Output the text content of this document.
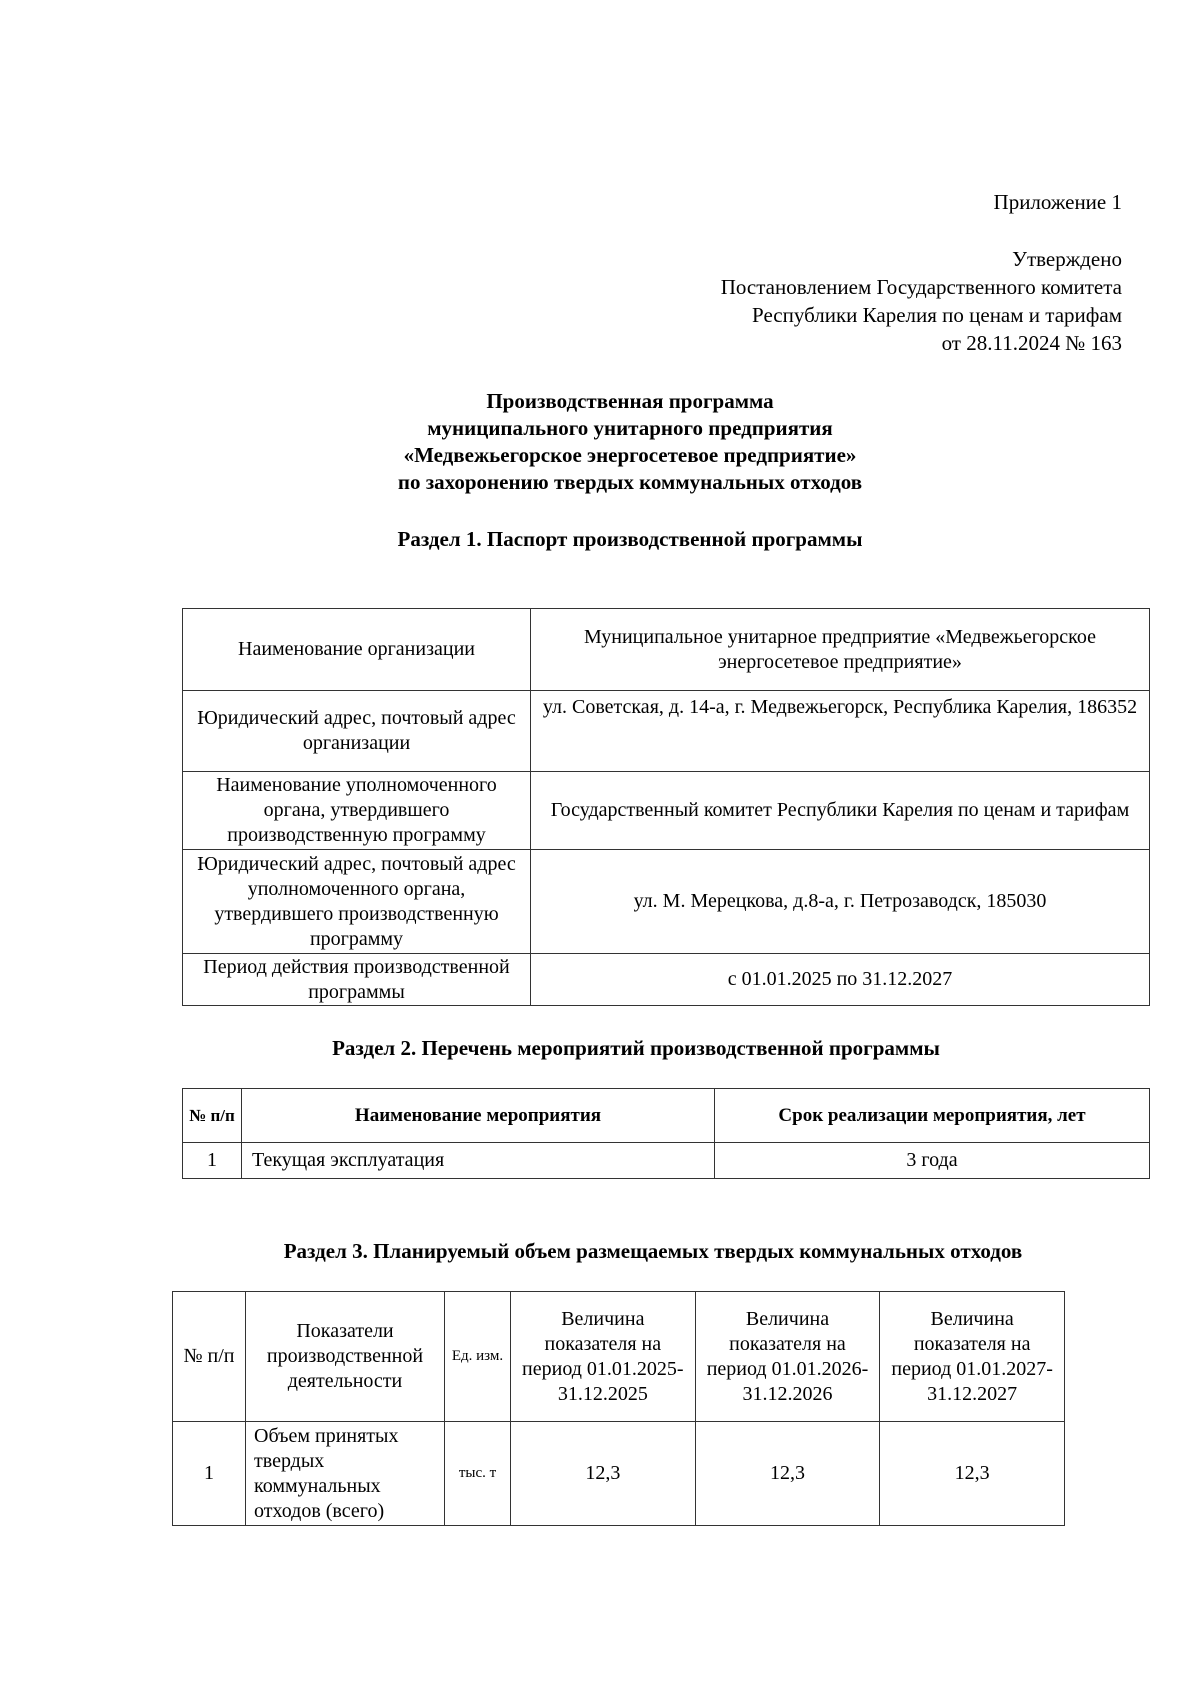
Приложение 1
Утверждено
Постановлением Государственного комитета
Республики Карелия по ценам и тарифам
от 28.11.2024 № 163
Производственная программа
муниципального унитарного предприятия
«Медвежьегорское энергосетевое предприятие»
по захоронению твердых коммунальных отходов
Раздел 1. Паспорт производственной программы
Наименование организации	Муниципальное унитарное предприятие «Медвежьегорское энергосетевое предприятие»
Юридический адрес, почтовый адрес организации	ул. Советская, д. 14-а, г. Медвежьегорск, Республика Карелия, 186352
Наименование уполномоченного органа, утвердившего производственную программу	Государственный комитет Республики Карелия по ценам и тарифам
Юридический адрес, почтовый адрес уполномоченного органа, утвердившего производственную программу	ул. М. Мерецкова, д.8-а, г. Петрозаводск, 185030
Период действия производственной программы	с 01.01.2025 по 31.12.2027
Раздел 2. Перечень мероприятий производственной программы
№ п/п	Наименование мероприятия	Срок реализации мероприятия, лет
1	Текущая эксплуатация	3 года
Раздел 3. Планируемый объем размещаемых твердых коммунальных отходов
№ п/п	Показатели производственной деятельности	Ед. изм.	Величина показателя на период 01.01.2025-31.12.2025	Величина показателя на период 01.01.2026-31.12.2026	Величина показателя на период 01.01.2027-31.12.2027
1	Объем принятых твердых коммунальных отходов (всего)	тыс. т	12,3	12,3	12,3
